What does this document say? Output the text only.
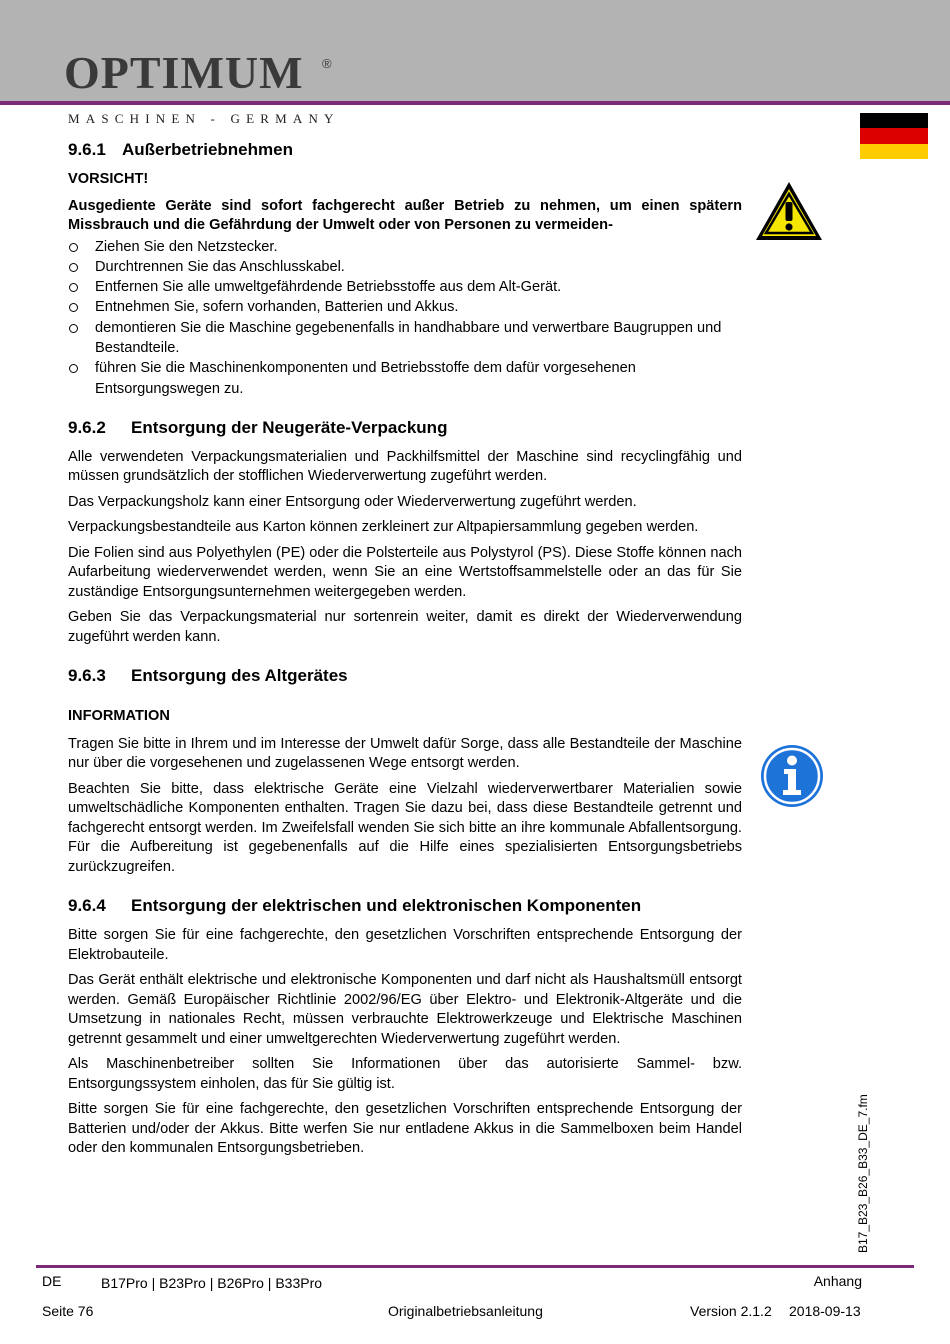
OPTIMUM ®
MASCHINEN - GERMANY
9.6.1 Außerbetriebnehmen
VORSICHT!

Ausgediente Geräte sind sofort fachgerecht außer Betrieb zu nehmen, um einen spätern Missbrauch und die Gefährdung der Umwelt oder von Personen zu vermeiden-

Ziehen Sie den Netzstecker.
Durchtrennen Sie das Anschlusskabel.
Entfernen Sie alle umweltgefährdende Betriebsstoffe aus dem Alt-Gerät.
Entnehmen Sie, sofern vorhanden, Batterien und Akkus.
demontieren Sie die Maschine gegebenenfalls in handhabbare und verwertbare Baugruppen und Bestandteile.
führen Sie die Maschinenkomponenten und Betriebsstoffe dem dafür vorgesehenen Entsorgungswegen zu.
9.6.2 Entsorgung der Neugeräte-Verpackung

Alle verwendeten Verpackungsmaterialien und Packhilfsmittel der Maschine sind recyclingfähig und müssen grundsätzlich der stofflichen Wiederverwertung zugeführt werden.

Das Verpackungsholz kann einer Entsorgung oder Wiederverwertung zugeführt werden.

Verpackungsbestandteile aus Karton können zerkleinert zur Altpapiersammlung gegeben werden.

Die Folien sind aus Polyethylen (PE) oder die Polsterteile aus Polystyrol (PS). Diese Stoffe können nach Aufarbeitung wiederverwendet werden, wenn Sie an eine Wertstoffsammelstelle oder an das für Sie zuständige Entsorgungsunternehmen weitergegeben werden.

Geben Sie das Verpackungsmaterial nur sortenrein weiter, damit es direkt der Wiederverwendung zugeführt werden kann.

9.6.3 Entsorgung des Altgerätes
INFORMATION

Tragen Sie bitte in Ihrem und im Interesse der Umwelt dafür Sorge, dass alle Bestandteile der Maschine nur über die vorgesehenen und zugelassenen Wege entsorgt werden.

Beachten Sie bitte, dass elektrische Geräte eine Vielzahl wiederverwertbarer Materialien sowie umweltschädliche Komponenten enthalten. Tragen Sie dazu bei, dass diese Bestandteile getrennt und fachgerecht entsorgt werden. Im Zweifelsfall wenden Sie sich bitte an ihre kommunale Abfallentsorgung. Für die Aufbereitung ist gegebenenfalls auf die Hilfe eines spezialisierten Entsorgungsbetriebs zurückzugreifen.

9.6.4 Entsorgung der elektrischen und elektronischen Komponenten

Bitte sorgen Sie für eine fachgerechte, den gesetzlichen Vorschriften entsprechende Entsorgung der Elektrobauteile.

Das Gerät enthält elektrische und elektronische Komponenten und darf nicht als Haushaltsmüll entsorgt werden. Gemäß Europäischer Richtlinie 2002/96/EG über Elektro- und Elektronik-Altgeräte und die Umsetzung in nationales Recht, müssen verbrauchte Elektrowerkzeuge und Elektrische Maschinen getrennt gesammelt und einer umweltgerechten Wiederverwertung zugeführt werden.

Als Maschinenbetreiber sollten Sie Informationen über das autorisierte Sammel- bzw. Entsorgungssystem einholen, das für Sie gültig ist.

Bitte sorgen Sie für eine fachgerechte, den gesetzlichen Vorschriften entsprechende Entsorgung der Batterien und/oder der Akkus. Bitte werfen Sie nur entladene Akkus in die Sammelboxen beim Handel oder den kommunalen Entsorgungsbetrieben.	B17_B23_B26_B33_DE_7.fm
DE	B17Pro | B23Pro | B26Pro | B33Pro	Anhang
Seite 76	Originalbetriebsanleitung	Version 2.1.2 2018-09-13
